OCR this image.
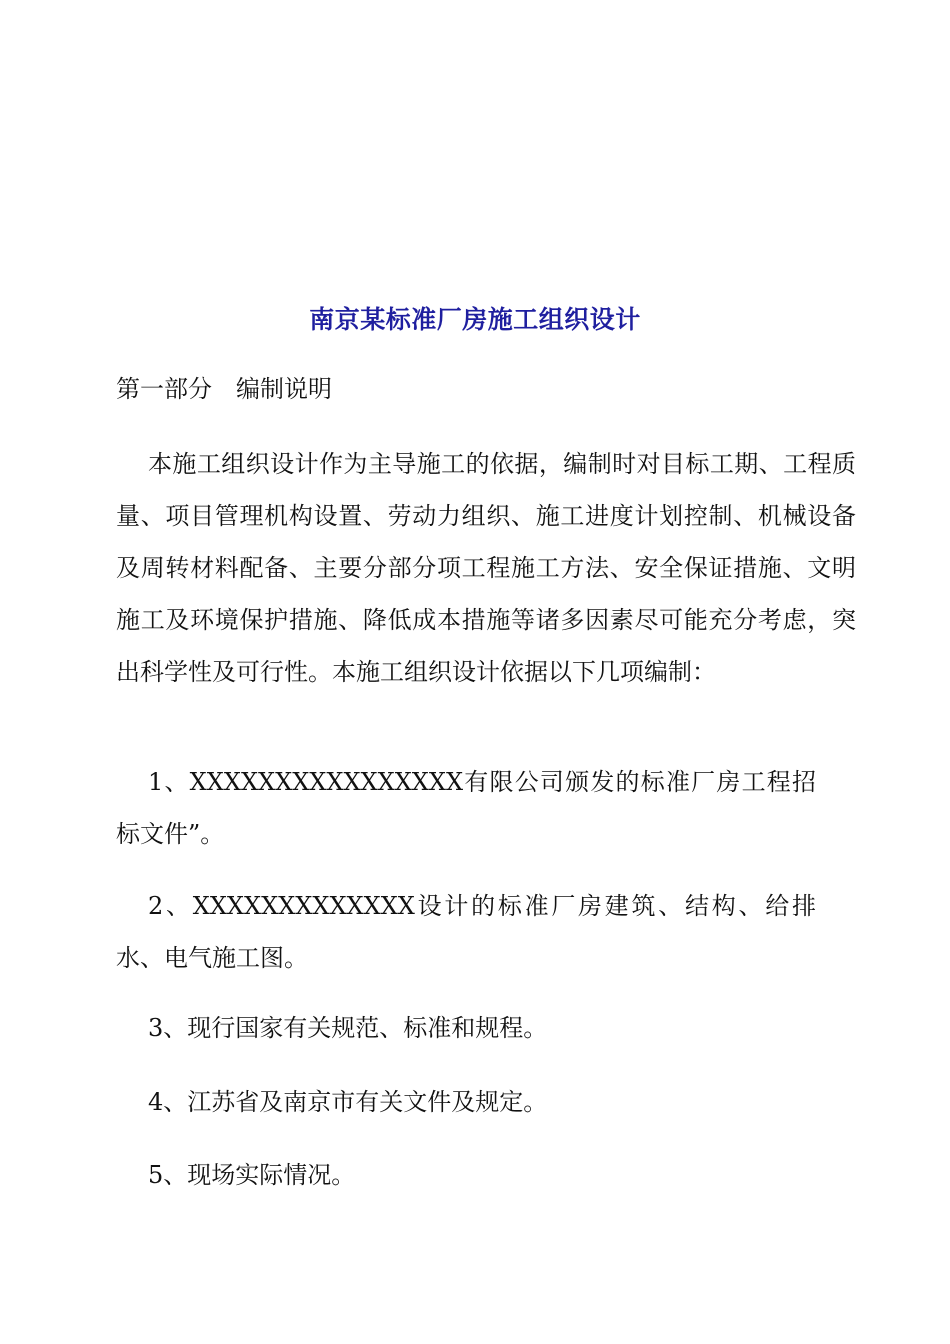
南京某标准厂房施工组织设计
第一部分　编制说明

本施工组织设计作为主导施工的依据，编制时对目标工期、工程质量、项目管理机构设置、劳动力组织、施工进度计划控制、机械设备及周转材料配备、主要分部分项工程施工方法、安全保证措施、文明施工及环境保护措施、降低成本措施等诸多因素尽可能充分考虑，突出科学性及可行性。本施工组织设计依据以下几项编制：

1、XXXXXXXXXXXXXXXX有限公司颁发的标准厂房工程招标文件”。

2、XXXXXXXXXXXXX设计的标准厂房建筑、结构、给排水、电气施工图。

3、现行国家有关规范、标准和规程。

4、江苏省及南京市有关文件及规定。

5、现场实际情况。
